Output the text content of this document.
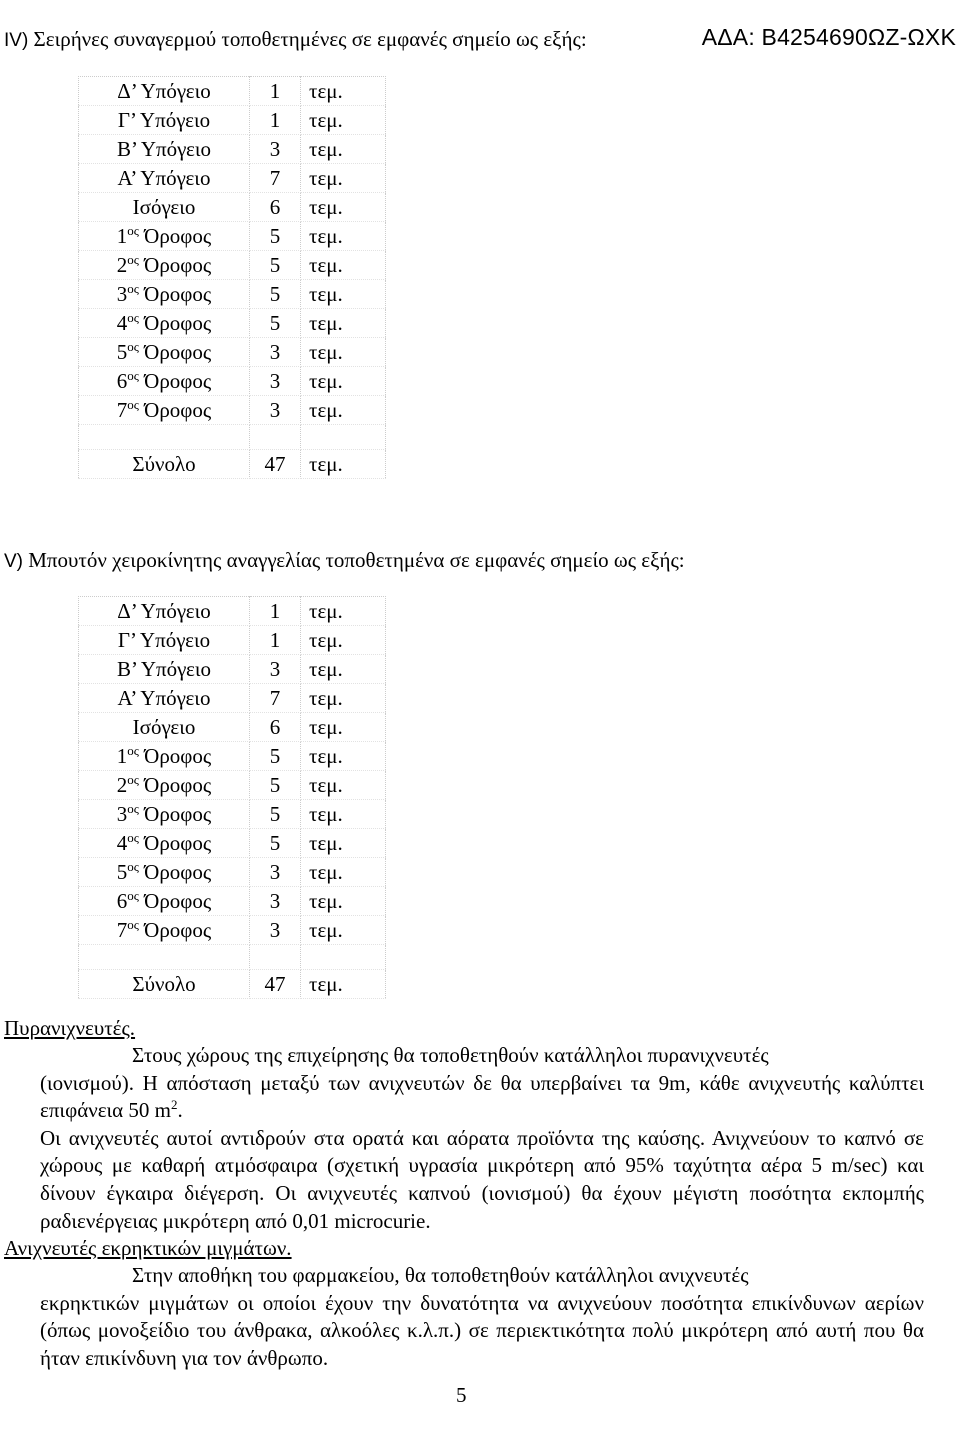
ΑΔΑ: Β4254690ΩΖ-ΩΧΚ
IV) Σειρήνες συναγερμού τοποθετημένες σε εμφανές σημείο ως εξής:
Δ’ Υπόγειο	1	τεμ.
Γ’ Υπόγειο	1	τεμ.
Β’ Υπόγειο	3	τεμ.
Α’ Υπόγειο	7	τεμ.
Ισόγειο	6	τεμ.
$1^{o\varsigma}$ Όροφος	5	τεμ.
$2^{o\varsigma}$ Όροφος	5	τεμ.
$3^{o\varsigma}$ Όροφος	5	τεμ.
$4^{o\varsigma}$ Όροφος	5	τεμ.
$5^{o\varsigma}$ Όροφος	3	τεμ.
$6^{o\varsigma}$ Όροφος	3	τεμ.
$7^{o\varsigma}$ Όροφος	3	τεμ.

Σύνολο	47	τεμ.
V) Μπουτόν χειροκίνητης αναγγελίας τοποθετημένα σε εμφανές σημείο ως εξής:
Δ’ Υπόγειο	1	τεμ.
Γ’ Υπόγειο	1	τεμ.
Β’ Υπόγειο	3	τεμ.
Α’ Υπόγειο	7	τεμ.
Ισόγειο	6	τεμ.
$1^{o\varsigma}$ Όροφος	5	τεμ.
$2^{o\varsigma}$ Όροφος	5	τεμ.
$3^{o\varsigma}$ Όροφος	5	τεμ.
$4^{o\varsigma}$ Όροφος	5	τεμ.
$5^{o\varsigma}$ Όροφος	3	τεμ.
$6^{o\varsigma}$ Όροφος	3	τεμ.
$7^{o\varsigma}$ Όροφος	3	τεμ.

Σύνολο	47	τεμ.
Πυρανιχνευτές.

Στους χώρους της επιχείρησης θα τοποθετηθούν κατάλληλοι πυρανιχνευτές

(ιονισμού). Η απόσταση μεταξύ των ανιχνευτών δε θα υπερβαίνει τα 9m, κάθε ανιχνευτής καλύπτει επιφάνεια 50 $m^2$.

Οι ανιχνευτές αυτοί αντιδρούν στα ορατά και αόρατα προϊόντα της καύσης. Ανιχνεύουν το καπνό σε χώρους με καθαρή ατμόσφαιρα (σχετική υγρασία μικρότερη από 95% ταχύτητα αέρα 5 m/sec) και δίνουν έγκαιρα διέγερση. Οι ανιχνευτές καπνού (ιονισμού) θα έχουν μέγιστη ποσότητα εκπομπής ραδιενέργειας μικρότερη από 0,01 microcurie.

Ανιχνευτές εκρηκτικών μιγμάτων.

Στην αποθήκη του φαρμακείου, θα τοποθετηθούν κατάλληλοι ανιχνευτές

εκρηκτικών μιγμάτων οι οποίοι έχουν την δυνατότητα να ανιχνεύουν ποσότητα επικίνδυνων αερίων (όπως μονοξείδιο του άνθρακα, αλκοόλες κ.λ.π.) σε περιεκτικότητα πολύ μικρότερη από αυτή που θα ήταν επικίνδυνη για τον άνθρωπο.

5
